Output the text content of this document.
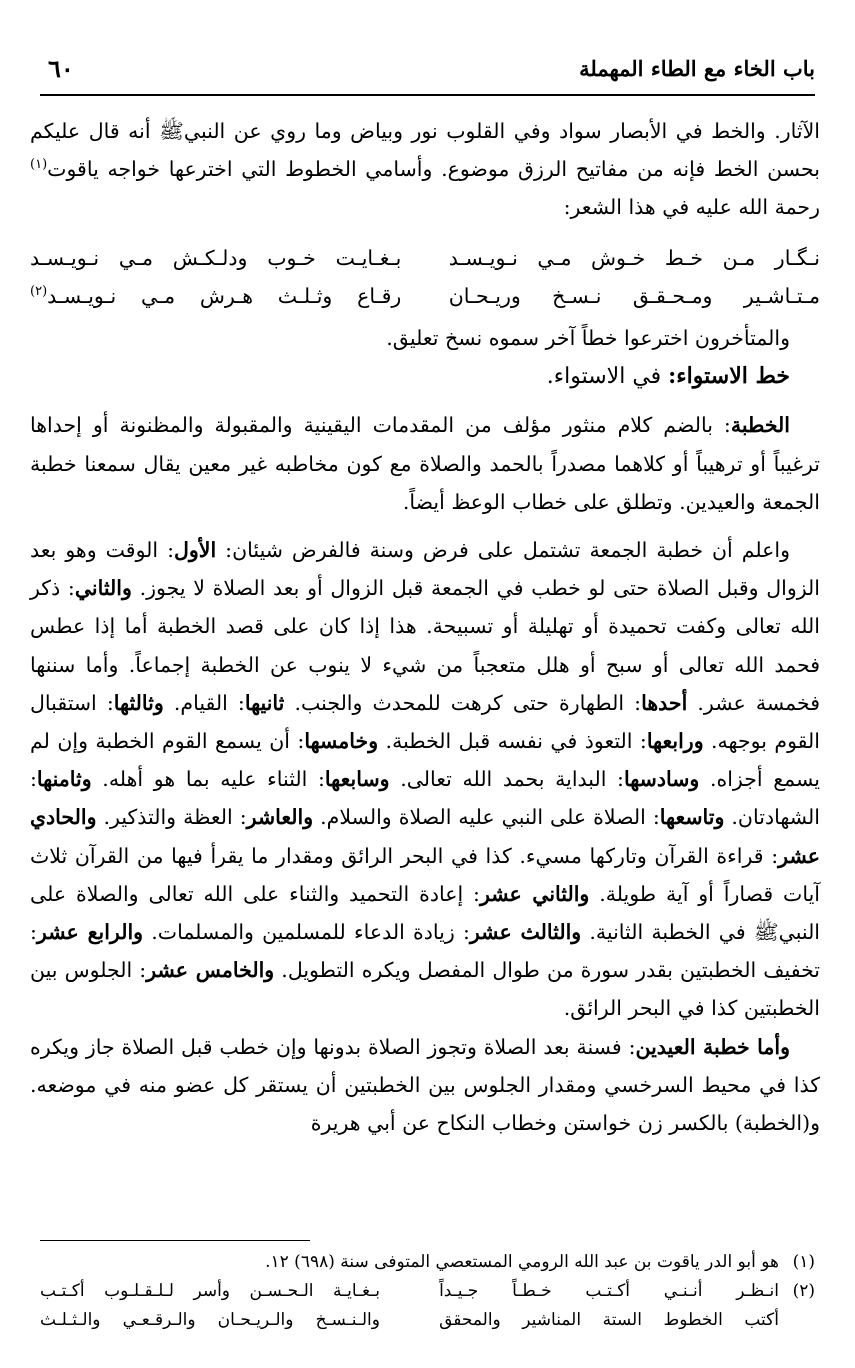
باب الخاء مع الطاء المهملة
٦٠

الآثار. والخط في الأبصار سواد وفي القلوب نور وبياض وما روي عن النبيﷺ أنه قال عليكم بحسن الخط فإنه من مفاتيح الرزق موضوع. وأسامي الخطوط التي اخترعها خواجه ياقوت$^{(١)}$ رحمة الله عليه في هذا الشعر:

نـگـار مـن خـط خـوش مـي نـويـسـد
بـغـايـت خـوب ودلـكـش مـي نـويـسـد
مـتـاشـير ومـحـقـق نـسـخ وريـحـان
رقـاع وثـلـث هـرش مـي نـويـسـد$^{(٢)}$

والمتأخرون اخترعوا خطاً آخر سموه نسخ تعليق.

خط الاستواء: في الاستواء.

الخطبة: بالضم كلام منثور مؤلف من المقدمات اليقينية والمقبولة والمظنونة أو إحداها ترغيباً أو ترهيباً أو كلاهما مصدراً بالحمد والصلاة مع كون مخاطبه غير معين يقال سمعنا خطبة الجمعة والعيدين. وتطلق على خطاب الوعظ أيضاً.

واعلم أن خطبة الجمعة تشتمل على فرض وسنة فالفرض شيئان: الأول: الوقت وهو بعد الزوال وقبل الصلاة حتى لو خطب في الجمعة قبل الزوال أو بعد الصلاة لا يجوز. والثاني: ذكر الله تعالى وكفت تحميدة أو تهليلة أو تسبيحة. هذا إذا كان على قصد الخطبة أما إذا عطس فحمد الله تعالى أو سبح أو هلل متعجباً من شيء لا ينوب عن الخطبة إجماعاً. وأما سننها فخمسة عشر. أحدها: الطهارة حتى كرهت للمحدث والجنب. ثانيها: القيام. وثالثها: استقبال القوم بوجهه. ورابعها: التعوذ في نفسه قبل الخطبة. وخامسها: أن يسمع القوم الخطبة وإن لم يسمع أجزاه. وسادسها: البداية بحمد الله تعالى. وسابعها: الثناء عليه بما هو أهله. وثامنها: الشهادتان. وتاسعها: الصلاة على النبي عليه الصلاة والسلام. والعاشر: العظة والتذكير. والحادي عشر: قراءة القرآن وتاركها مسيء. كذا في البحر الرائق ومقدار ما يقرأ فيها من القرآن ثلاث آيات قصاراً أو آية طويلة. والثاني عشر: إعادة التحميد والثناء على الله تعالى والصلاة على النبيﷺ في الخطبة الثانية. والثالث عشر: زيادة الدعاء للمسلمين والمسلمات. والرابع عشر: تخفيف الخطبتين بقدر سورة من طوال المفصل ويكره التطويل. والخامس عشر: الجلوس بين الخطبتين كذا في البحر الرائق.

وأما خطبة العيدين: فسنة بعد الصلاة وتجوز الصلاة بدونها وإن خطب قبل الصلاة جاز ويكره كذا في محيط السرخسي ومقدار الجلوس بين الخطبتين أن يستقر كل عضو منه في موضعه. و(الخطبة) بالكسر زن خواستن وخطاب النكاح عن أبي هريرة

(١)
هو أبو الدر ياقوت بن عبد الله الرومي المستعصي المتوفى سنة (٦٩٨) ١٢.
(٢)
انـظـر أنـنـي أكـتـب خـطـاً جـيـداً
بـغـايـة الـحـسـن وأسر لـلـقـلـوب أكـتـب
أكتب الخطوط الستة المناشير والمحقق
والـنـسـخ والـريـحـان والـرقـعـي والـثـلـث
